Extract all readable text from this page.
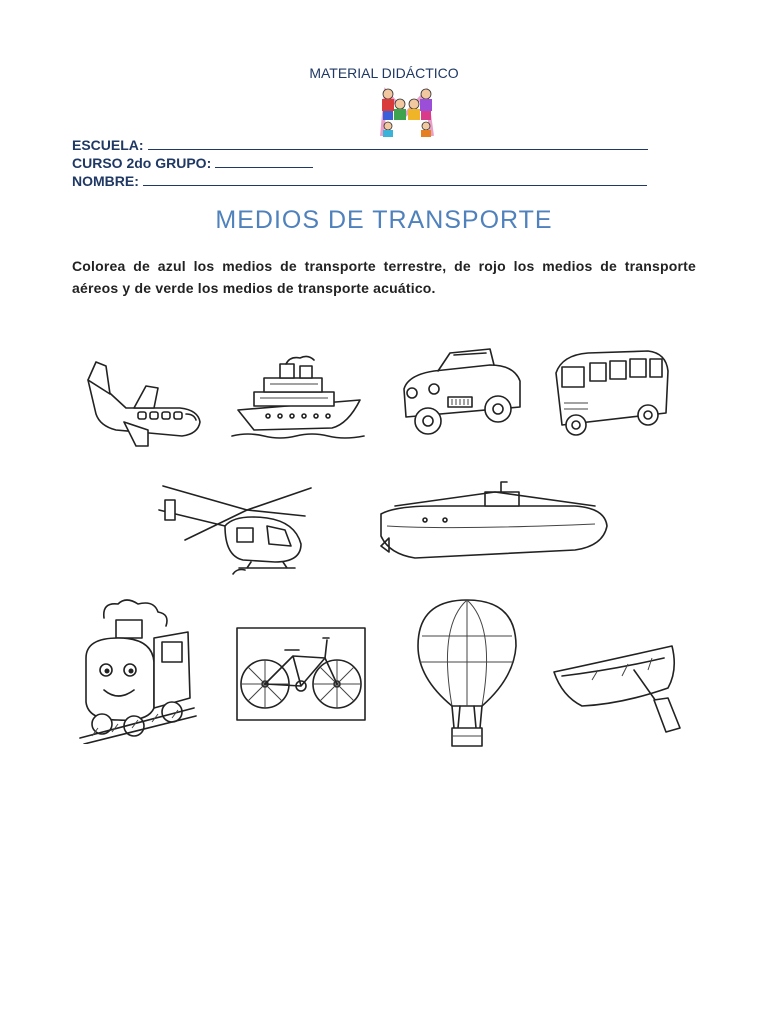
MATERIAL DIDÁCTICO
ESCUELA:
CURSO 2do GRUPO:
NOMBRE:
MEDIOS DE TRANSPORTE
Colorea de azul los medios de transporte terrestre, de rojo los medios de transporte aéreos y de verde los medios de transporte acuático.
